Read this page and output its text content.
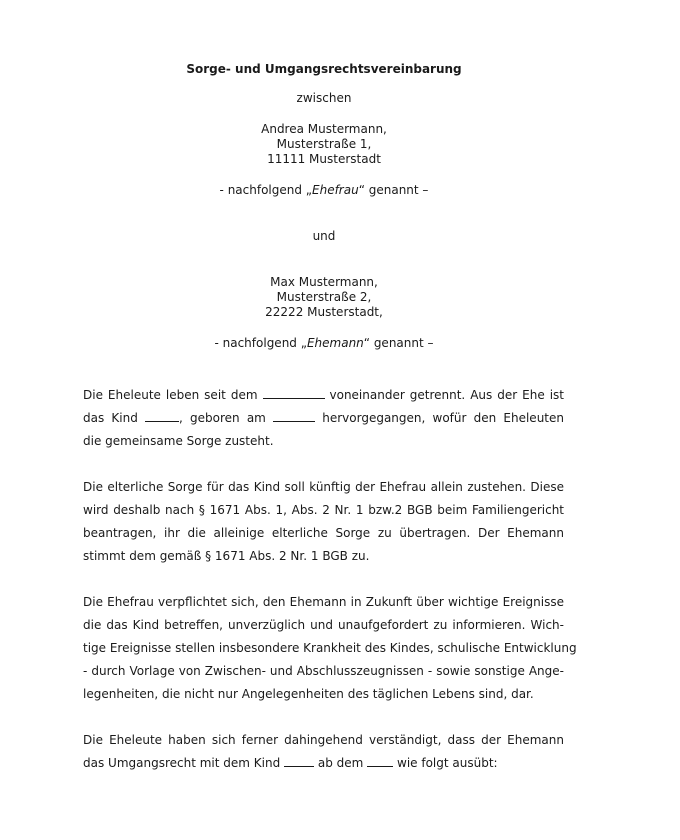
Sorge- und Umgangsrechtsvereinbarung
zwischen
Andrea Mustermann,
Musterstraße 1,
11111 Musterstadt
- nachfolgend „Ehefrau“ genannt –
und
Max Mustermann,
Musterstraße 2,
22222 Musterstadt,
- nachfolgend „Ehemann“ genannt –
Die Eheleute leben seit dem	voneinander getrennt. Aus der Ehe ist
das Kind	, geboren am	hervorgegangen, wofür den Eheleuten
die gemeinsame Sorge zusteht.
Die elterliche Sorge für das Kind soll künftig der Ehefrau allein zustehen. Diese
wird deshalb nach § 1671 Abs. 1, Abs. 2 Nr. 1 bzw.2 BGB beim Familiengericht
beantragen, ihr die alleinige elterliche Sorge zu übertragen. Der Ehemann
stimmt dem gemäß § 1671 Abs. 2 Nr. 1 BGB zu.
Die Ehefrau verpflichtet sich, den Ehemann in Zukunft über wichtige Ereignisse
die das Kind betreffen, unverzüglich und unaufgefordert zu informieren. Wich-
tige Ereignisse stellen insbesondere Krankheit des Kindes, schulische Entwicklung
- durch Vorlage von Zwischen- und Abschlusszeugnissen - sowie sonstige Ange-
legenheiten, die nicht nur Angelegenheiten des täglichen Lebens sind, dar.
Die Eheleute haben sich ferner dahingehend verständigt, dass der Ehemann
das Umgangsrecht mit dem Kind	ab dem	wie folgt ausübt:
